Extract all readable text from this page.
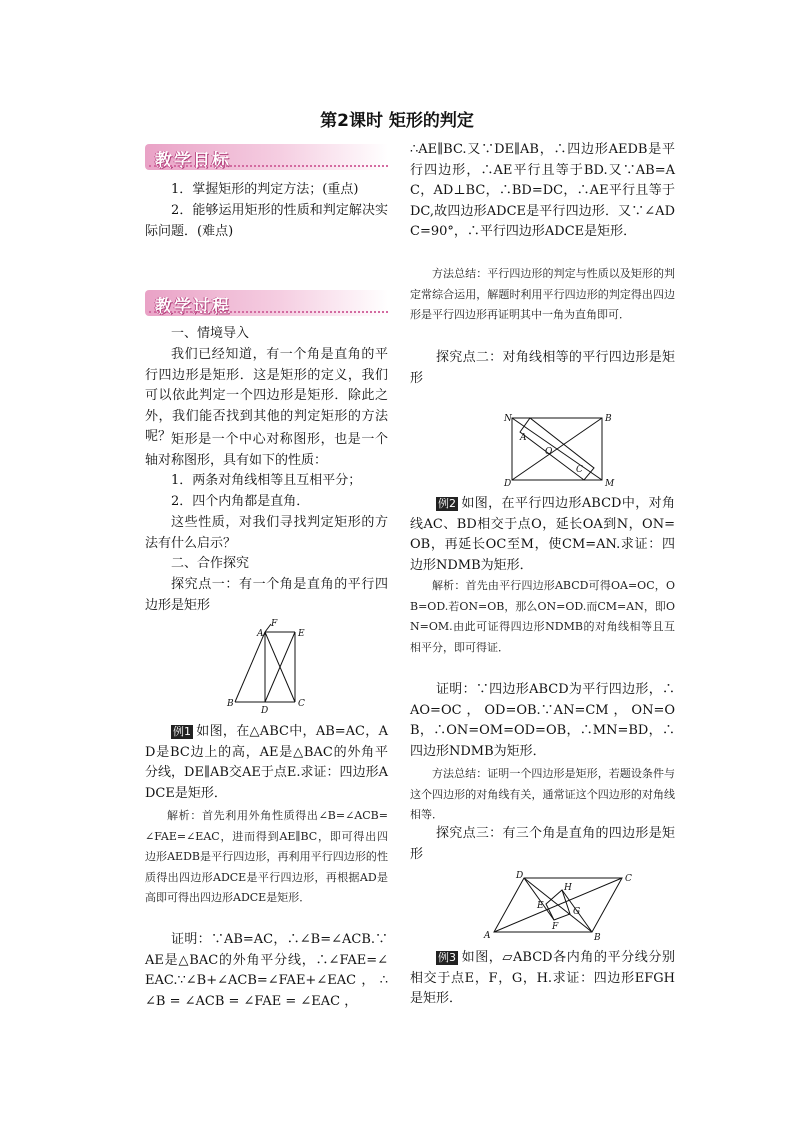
第2课时 矩形的判定
教学目标

1．掌握矩形的判定方法；(重点)

2．能够运用矩形的性质和判定解决实际问题．(难点)

教学过程

一、情境导入

我们已经知道，有一个角是直角的平行四边形是矩形．这是矩形的定义，我们可以依此判定一个四边形是矩形．除此之外，我们能否找到其他的判定矩形的方法呢？ 矩形是一个中心对称图形，也是一个轴对称图形，具有如下的性质：

1．两条对角线相等且互相平分；

2．四个内角都是直角．

这些性质，对我们寻找判定矩形的方法有什么启示？

二、合作探究

探究点一：有一个角是直角的平行四边形是矩形

A
F
E
B
D
C

例1 如图，在△ABC中，AB=AC，AD是BC边上的高，AE是△BAC的外角平分线，DE∥AB交AE于点E.求证：四边形ADCE是矩形．

解析：首先利用外角性质得出∠B=∠ACB=∠FAE=∠EAC，进而得到AE∥BC，即可得出四边形AEDB是平行四边形，再利用平行四边形的性质得出四边形ADCE是平行四边形，再根据AD是高即可得出四边形ADCE是矩形．

证明：∵AB=AC，∴∠B=∠ACB.∵AE是△BAC的外角平分线，∴∠FAE=∠EAC.∵∠B+∠ACB=∠FAE+∠EAC，∴∠B = ∠ACB = ∠FAE = ∠EAC ，

∴AE∥BC.又∵DE∥AB，∴四边形AEDB是平行四边形，∴AE平行且等于BD.又∵AB=AC，AD⊥BC，∴BD=DC，∴AE平行且等于DC,故四边形ADCE是平行四边形．又∵∠ADC=90°，∴平行四边形ADCE是矩形．

方法总结：平行四边形的判定与性质以及矩形的判定常综合运用，解题时利用平行四边形的判定得出四边形是平行四边形再证明其中一角为直角即可．

探究点二：对角线相等的平行四边形是矩形

N	B
A
O
C
D	M

例2 如图，在平行四边形ABCD中，对角线AC、BD相交于点O，延长OA到N，ON=OB，再延长OC至M，使CM=AN.求证：四边形NDMB为矩形．

解析：首先由平行四边形ABCD可得OA=OC，OB=OD.若ON=OB，那么ON=OD.而CM=AN，即ON=OM.由此可证得四边形NDMB的对角线相等且互相平分，即可得证．

证明：∵四边形ABCD为平行四边形，∴AO=OC，OD=OB.∵AN=CM，ON=OB，∴ON=OM=OD=OB，∴MN=BD，∴四边形NDMB为矩形．

方法总结：证明一个四边形是矩形，若题设条件与这个四边形的对角线有关，通常证这个四边形的对角线相等．

探究点三：有三个角是直角的四边形是矩形

D	C
H
E
G
F
A	B

例3 如图，▱ABCD各内角的平分线分别相交于点E，F，G，H.求证：四边形EFGH是矩形．
